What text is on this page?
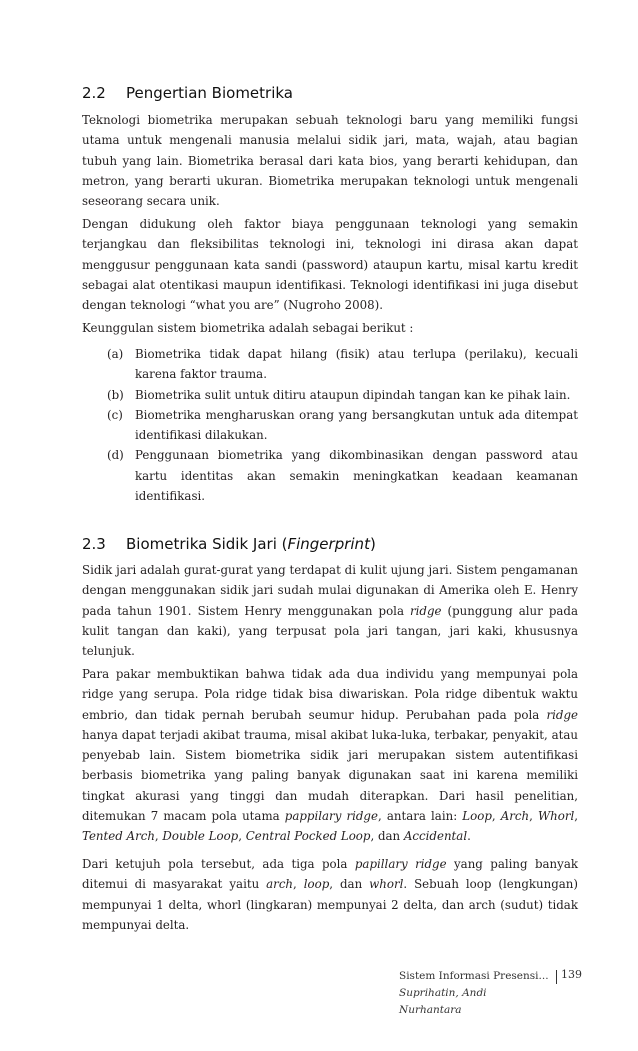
2.2 Pengertian Biometrika

Teknologi biometrika merupakan sebuah teknologi baru yang memiliki fungsi utama untuk mengenali manusia melalui sidik jari, mata, wajah, atau bagian tubuh yang lain. Biometrika berasal dari kata bios, yang berarti kehidupan, dan metron, yang berarti ukuran. Biometrika merupakan teknologi untuk mengenali seseorang secara unik.

Dengan didukung oleh faktor biaya penggunaan teknologi yang semakin terjangkau dan fleksibilitas teknologi ini, teknologi ini dirasa akan dapat menggusur penggunaan kata sandi (password) ataupun kartu, misal kartu kredit sebagai alat otentikasi maupun identifikasi. Teknologi identifikasi ini juga disebut dengan teknologi “what you are” (Nugroho 2008).

Keunggulan sistem biometrika adalah sebagai berikut :

(a) Biometrika tidak dapat hilang (fisik) atau terlupa (perilaku), kecuali karena faktor trauma.
(b) Biometrika sulit untuk ditiru ataupun dipindah tangan kan ke pihak lain.
(c) Biometrika mengharuskan orang yang bersangkutan untuk ada ditempat identifikasi dilakukan.
(d) Penggunaan biometrika yang dikombinasikan dengan password atau kartu identitas akan semakin meningkatkan keadaan keamanan identifikasi.
2.3 Biometrika Sidik Jari (Fingerprint)

Sidik jari adalah gurat-gurat yang terdapat di kulit ujung jari. Sistem pengamanan dengan menggunakan sidik jari sudah mulai digunakan di Amerika oleh E. Henry pada tahun 1901. Sistem Henry menggunakan pola ridge (punggung alur pada kulit tangan dan kaki), yang terpusat pola jari tangan, jari kaki, khususnya telunjuk.

Para pakar membuktikan bahwa tidak ada dua individu yang mempunyai pola ridge yang serupa. Pola ridge tidak bisa diwariskan. Pola ridge dibentuk waktu embrio, dan tidak pernah berubah seumur hidup. Perubahan pada pola ridge hanya dapat terjadi akibat trauma, misal akibat luka-luka, terbakar, penyakit, atau penyebab lain. Sistem biometrika sidik jari merupakan sistem autentifikasi berbasis biometrika yang paling banyak digunakan saat ini karena memiliki tingkat akurasi yang tinggi dan mudah diterapkan. Dari hasil penelitian, ditemukan 7 macam pola utama pappilary ridge, antara lain: Loop, Arch, Whorl, Tented Arch, Double Loop, Central Pocked Loop, dan Accidental.

Dari ketujuh pola tersebut, ada tiga pola papillary ridge yang paling banyak ditemui di masyarakat yaitu arch, loop, dan whorl. Sebuah loop (lengkungan) mempunyai 1 delta, whorl (lingkaran) mempunyai 2 delta, dan arch (sudut) tidak mempunyai delta.

Sistem Informasi Presensi...
Suprihatin, Andi Nurhantara
139
